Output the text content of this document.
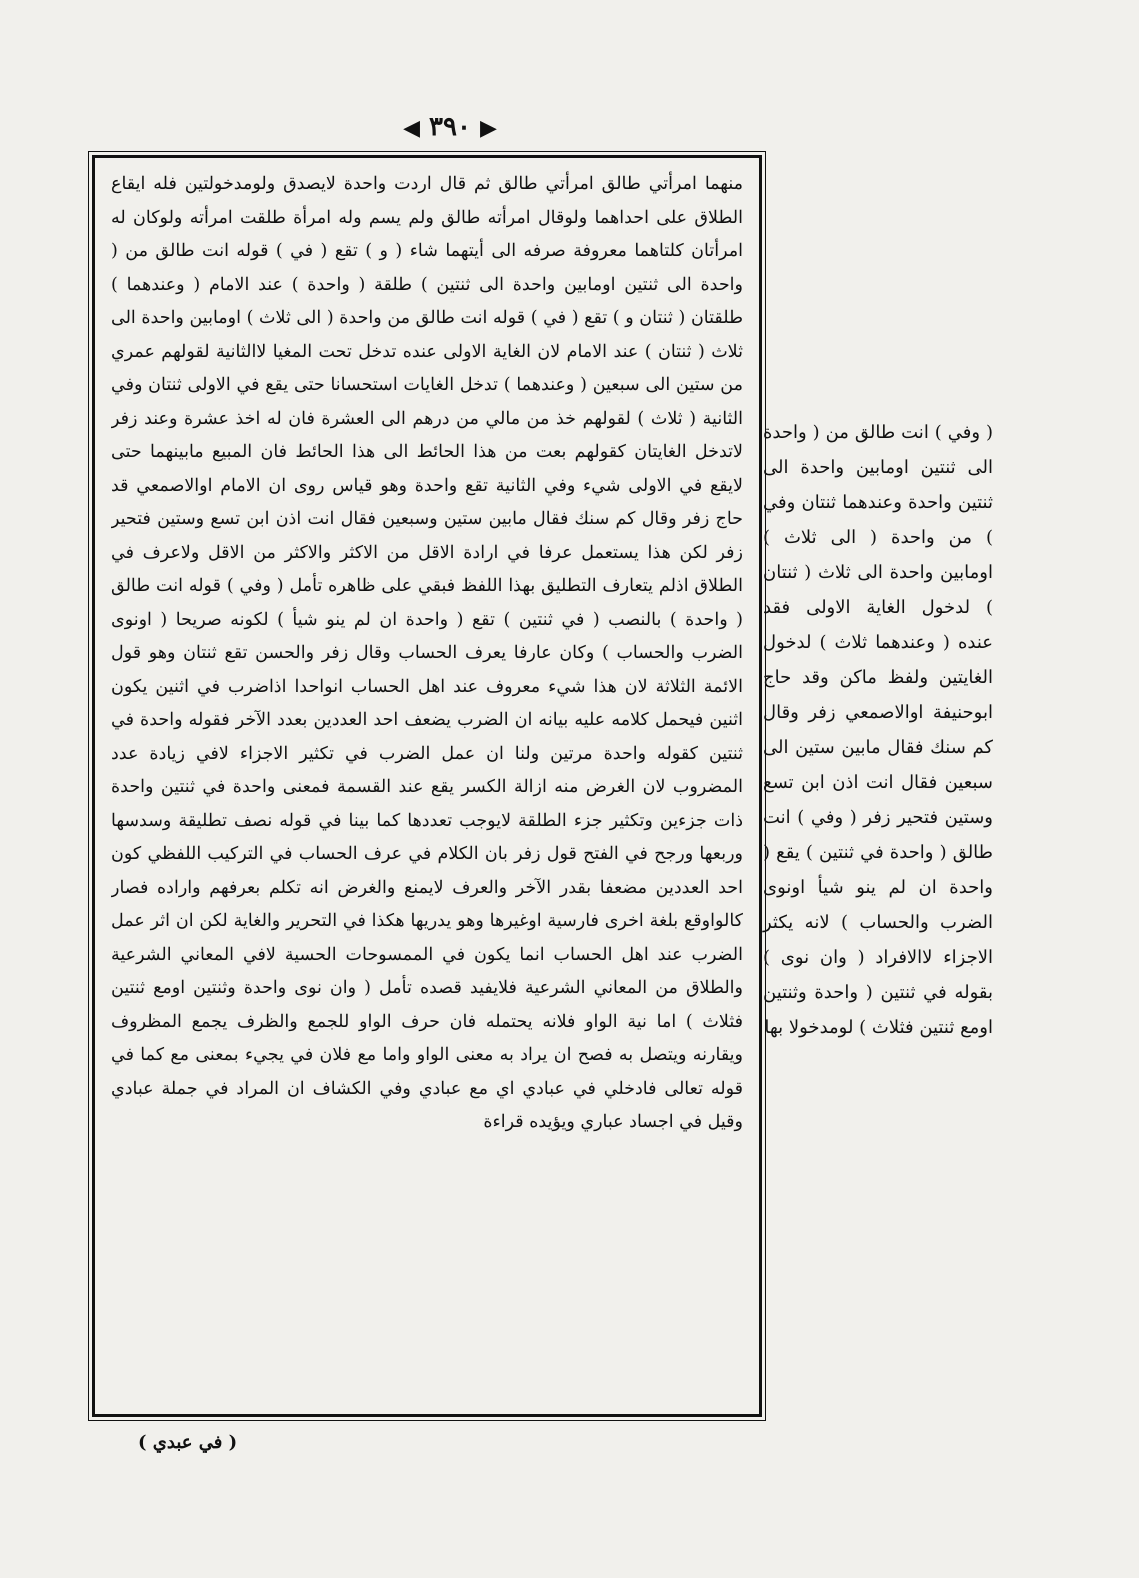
◀ ٣٩٠ ▶

منهما امرأتي طالق امرأتي طالق ثم قال اردت واحدة لايصدق ولومدخولتين فله ايقاع الطلاق على احداهما ولوقال امرأته طالق ولم يسم وله امرأة طلقت امرأته ولوكان له امرأتان كلتاهما معروفة صرفه الى أيتهما شاء ( و ) تقع ( في ) قوله انت طالق من ( واحدة الى ثنتين اومابين واحدة الى ثنتين ) طلقة ( واحدة ) عند الامام ( وعندهما ) طلقتان ( ثنتان و ) تقع ( في ) قوله انت طالق من واحدة ( الى ثلاث ) اومابين واحدة الى ثلاث ( ثنتان ) عند الامام لان الغاية الاولى عنده تدخل تحت المغيا لاالثانية لقولهم عمري من ستين الى سبعين ( وعندهما ) تدخل الغايات استحسانا حتى يقع في الاولى ثنتان وفي الثانية ( ثلاث ) لقولهم خذ من مالي من درهم الى العشرة فان له اخذ عشرة وعند زفر لاتدخل الغايتان كقولهم بعت من هذا الحائط الى هذا الحائط فان المبيع مابينهما حتى لايقع في الاولى شيء وفي الثانية تقع واحدة وهو قياس روى ان الامام اوالاصمعي قد حاج زفر وقال كم سنك فقال مابين ستين وسبعين فقال انت اذن ابن تسع وستين فتحير زفر لكن هذا يستعمل عرفا في ارادة الاقل من الاكثر والاكثر من الاقل ولاعرف في الطلاق اذلم يتعارف التطليق بهذا اللفظ فبقي على ظاهره تأمل ( وفي ) قوله انت طالق ( واحدة ) بالنصب ( في ثنتين ) تقع ( واحدة ان لم ينو شيأ ) لكونه صريحا ( اونوى الضرب والحساب ) وكان عارفا يعرف الحساب وقال زفر والحسن تقع ثنتان وهو قول الائمة الثلاثة لان هذا شيء معروف عند اهل الحساب انواحدا اذاضرب في اثنين يكون اثنين فيحمل كلامه عليه بيانه ان الضرب يضعف احد العددين بعدد الآخر فقوله واحدة في ثنتين كقوله واحدة مرتين ولنا ان عمل الضرب في تكثير الاجزاء لافي زيادة عدد المضروب لان الغرض منه ازالة الكسر يقع عند القسمة فمعنى واحدة في ثنتين واحدة ذات جزءين وتكثير جزء الطلقة لايوجب تعددها كما بينا في قوله نصف تطليقة وسدسها وربعها ورجح في الفتح قول زفر بان الكلام في عرف الحساب في التركيب اللفظي كون احد العددين مضعفا بقدر الآخر والعرف لايمنع والغرض انه تكلم بعرفهم واراده فصار كالواوقع بلغة اخرى فارسية اوغيرها وهو يدريها هكذا في التحرير والغاية لكن ان اثر عمل الضرب عند اهل الحساب انما يكون في الممسوحات الحسية لافي المعاني الشرعية والطلاق من المعاني الشرعية فلايفيد قصده تأمل ( وان نوى واحدة وثنتين اومع ثنتين فثلاث ) اما نية الواو فلانه يحتمله فان حرف الواو للجمع والظرف يجمع المظروف ويقارنه ويتصل به فصح ان يراد به معنى الواو واما مع فلان في يجيء بمعنى مع كما في قوله تعالى فادخلي في عبادي اي مع عبادي وفي الكشاف ان المراد في جملة عبادي وقيل في اجساد عباري ويؤيده قراءة

( وفي ) انت طالق من ( واحدة الى ثنتين اومابين واحدة الى ثنتين واحدة وعندهما ثنتان وفي ) من واحدة ( الى ثلاث ) اومابين واحدة الى ثلاث ( ثنتان ) لدخول الغاية الاولى فقد عنده ( وعندهما ثلاث ) لدخول الغايتين ولفظ ماكن وقد حاج ابوحنيفة اوالاصمعي زفر وقال كم سنك فقال مابين ستين الى سبعين فقال انت اذن ابن تسع وستين فتحير زفر ( وفي ) انت طالق ( واحدة في ثنتين ) يقع ( واحدة ان لم ينو شيأ اونوى الضرب والحساب ) لانه يكثر الاجزاء لاالافراد ( وان نوى ) بقوله في ثنتين ( واحدة وثنتين اومع ثنتين فثلاث ) لومدخولا بها

( في عبدي )
